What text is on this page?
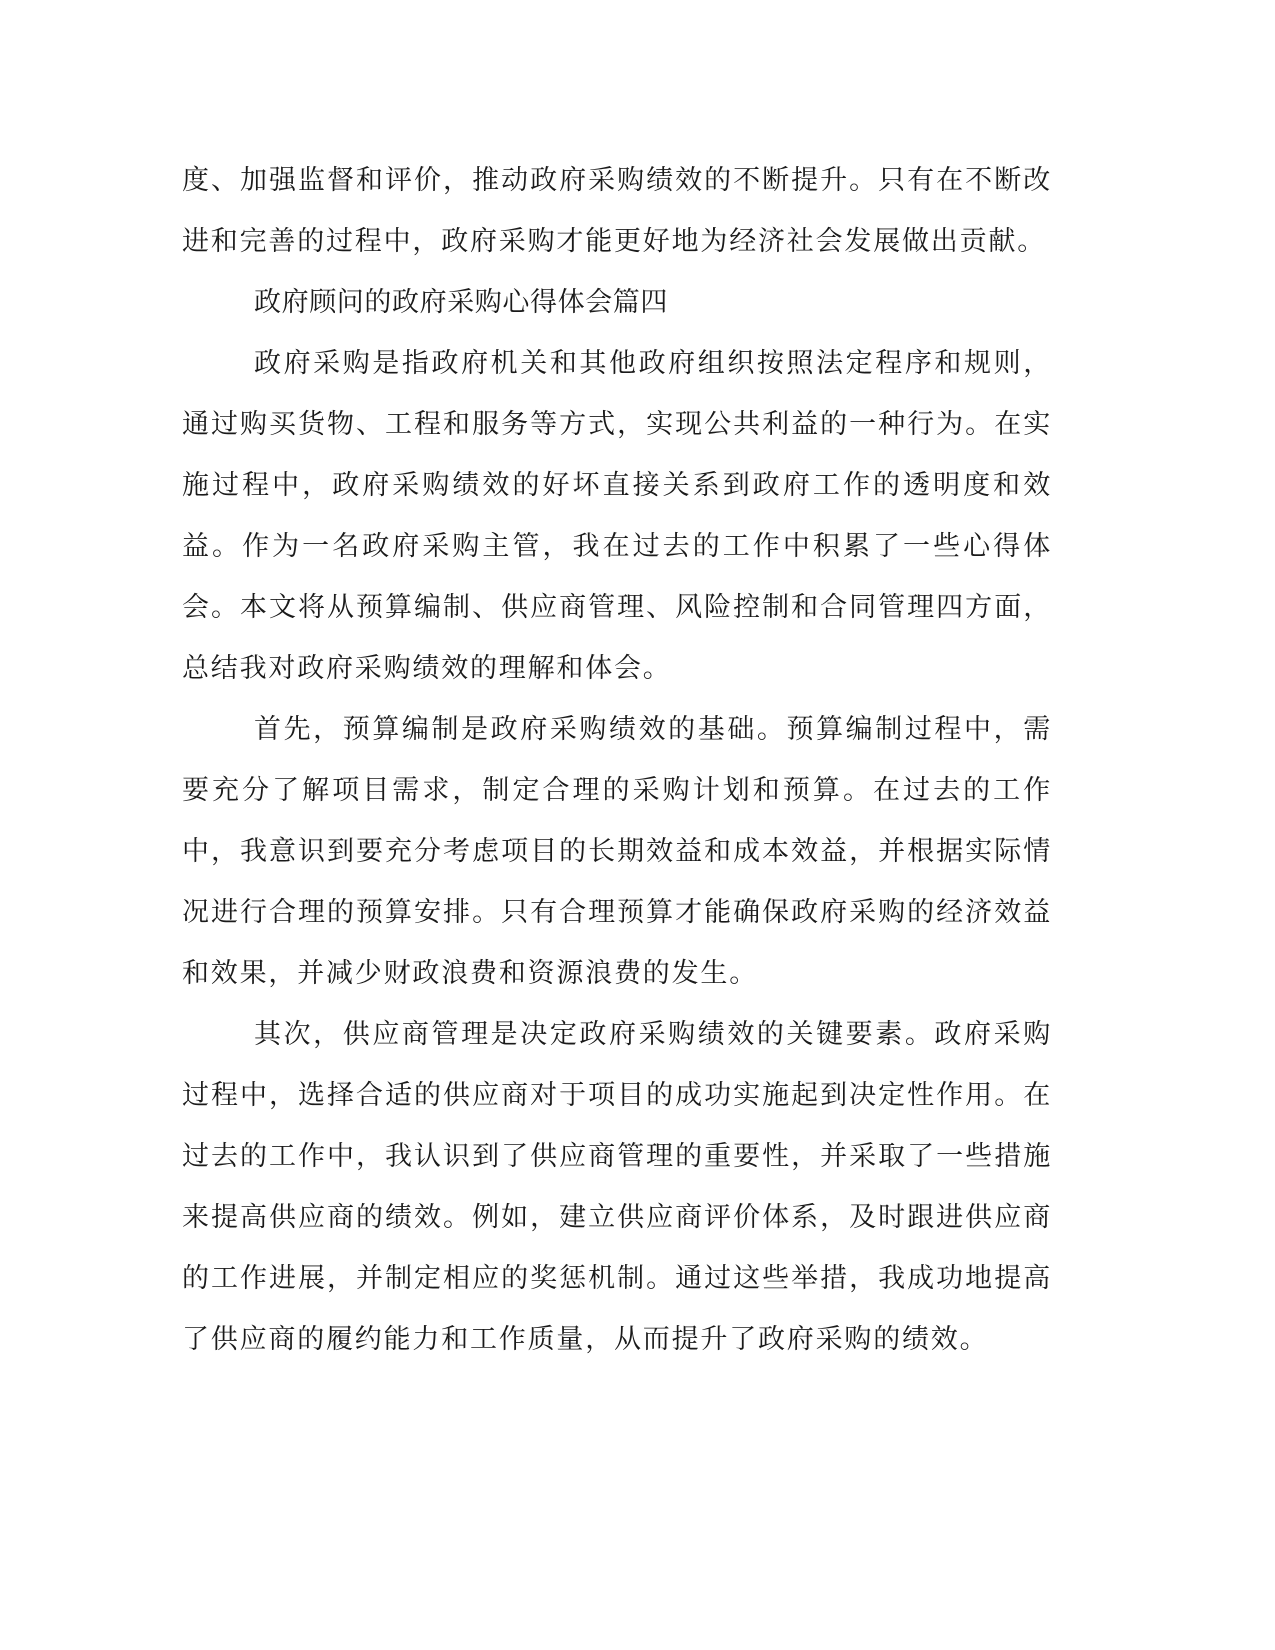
度、加强监督和评价，推动政府采购绩效的不断提升。只有在不断改进和完善的过程中，政府采购才能更好地为经济社会发展做出贡献。

政府顾问的政府采购心得体会篇四

政府采购是指政府机关和其他政府组织按照法定程序和规则，通过购买货物、工程和服务等方式，实现公共利益的一种行为。在实施过程中，政府采购绩效的好坏直接关系到政府工作的透明度和效益。作为一名政府采购主管，我在过去的工作中积累了一些心得体会。本文将从预算编制、供应商管理、风险控制和合同管理四方面，总结我对政府采购绩效的理解和体会。

首先，预算编制是政府采购绩效的基础。预算编制过程中，需要充分了解项目需求，制定合理的采购计划和预算。在过去的工作中，我意识到要充分考虑项目的长期效益和成本效益，并根据实际情况进行合理的预算安排。只有合理预算才能确保政府采购的经济效益和效果，并减少财政浪费和资源浪费的发生。

其次，供应商管理是决定政府采购绩效的关键要素。政府采购过程中，选择合适的供应商对于项目的成功实施起到决定性作用。在过去的工作中，我认识到了供应商管理的重要性，并采取了一些措施来提高供应商的绩效。例如，建立供应商评价体系，及时跟进供应商的工作进展，并制定相应的奖惩机制。通过这些举措，我成功地提高了供应商的履约能力和工作质量，从而提升了政府采购的绩效。
